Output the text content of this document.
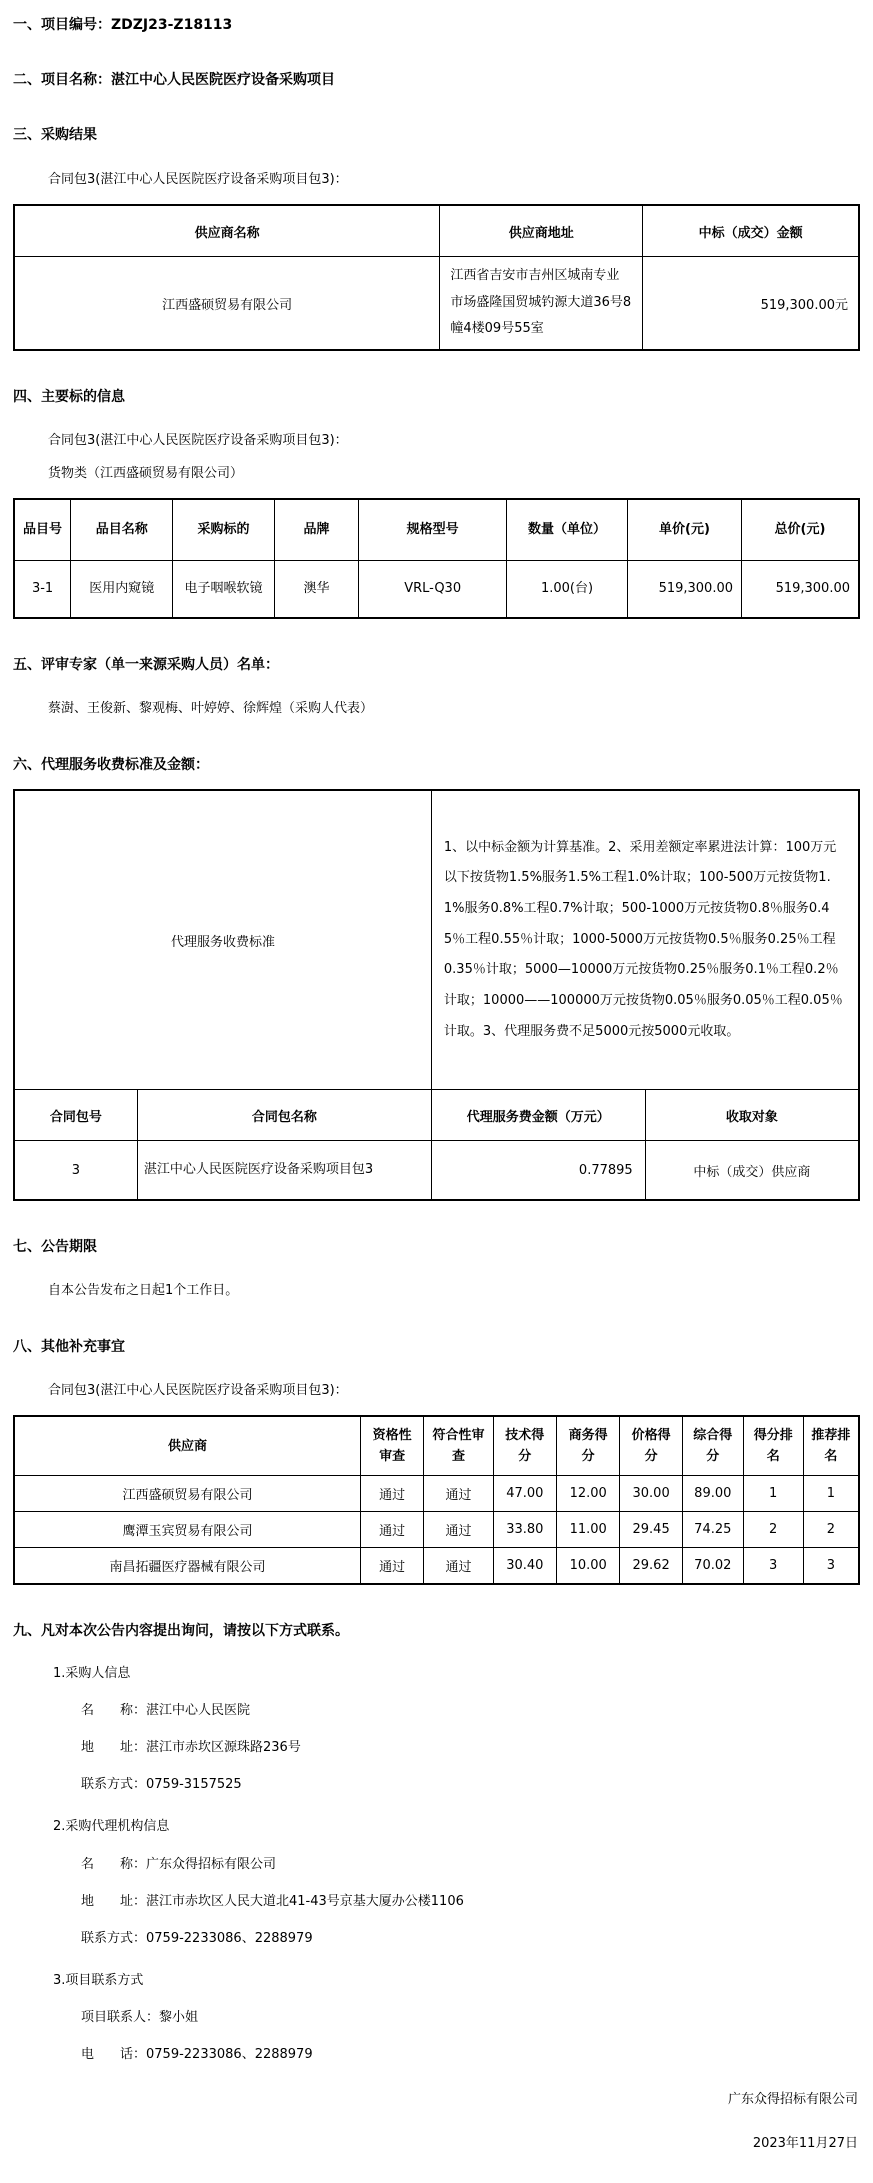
一、项目编号：ZDZJ23-Z18113
二、项目名称：湛江中心人民医院医疗设备采购项目
三、采购结果
合同包3(湛江中心人民医院医疗设备采购项目包3)：
供应商名称	供应商地址	中标（成交）金额
江西盛硕贸易有限公司	江西省吉安市吉州区城南专业市场盛隆国贸城钓源大道36号8幢4楼09号55室	519,300.00元
四、主要标的信息
合同包3(湛江中心人民医院医疗设备采购项目包3)：
货物类（江西盛硕贸易有限公司）
品目号	品目名称	采购标的	品牌	规格型号	数量（单位）	单价(元)	总价(元)
3-1	医用内窥镜	电子咽喉软镜	澳华	VRL-Q30	1.00(台)	519,300.00	519,300.00
五、评审专家（单一来源采购人员）名单：
蔡澍、王俊新、黎观梅、叶婷婷、徐辉煌（采购人代表）
六、代理服务收费标准及金额：
代理服务收费标准		1、以中标金额为计算基准。2、采用差额定率累进法计算：100万元以下按货物1.5%服务1.5%工程1.0%计取；100-500万元按货物1.1%服务0.8%工程0.7%计取；500-1000万元按货物0.8％服务0.45％工程0.55％计取；1000-5000万元按货物0.5％服务0.25％工程0.35％计取；5000—10000万元按货物0.25％服务0.1％工程0.2％计取；10000——100000万元按货物0.05％服务0.05％工程0.05％计取。3、代理服务费不足5000元按5000元收取。	
合同包号	合同包名称	代理服务费金额（万元）	收取对象
3	湛江中心人民医院医疗设备采购项目包3	0.77895	中标（成交）供应商
七、公告期限
自本公告发布之日起1个工作日。
八、其他补充事宜
合同包3(湛江中心人民医院医疗设备采购项目包3)：
供应商	资格性审查	符合性审查	技术得分	商务得分	价格得分	综合得分	得分排名	推荐排名
江西盛硕贸易有限公司	通过	通过	47.00	12.00	30.00	89.00	1	1
鹰潭玉宾贸易有限公司	通过	通过	33.80	11.00	29.45	74.25	2	2
南昌拓疆医疗器械有限公司	通过	通过	30.40	10.00	29.62	70.02	3	3
九、凡对本次公告内容提出询问，请按以下方式联系。
1.采购人信息
名　　称：湛江中心人民医院
地　　址：湛江市赤坎区源珠路236号
联系方式：0759-3157525
2.采购代理机构信息
名　　称：广东众得招标有限公司
地　　址：湛江市赤坎区人民大道北41-43号京基大厦办公楼1106
联系方式：0759-2233086、2288979
3.项目联系方式
项目联系人：黎小姐
电　　话：0759-2233086、2288979
广东众得招标有限公司
2023年11月27日
